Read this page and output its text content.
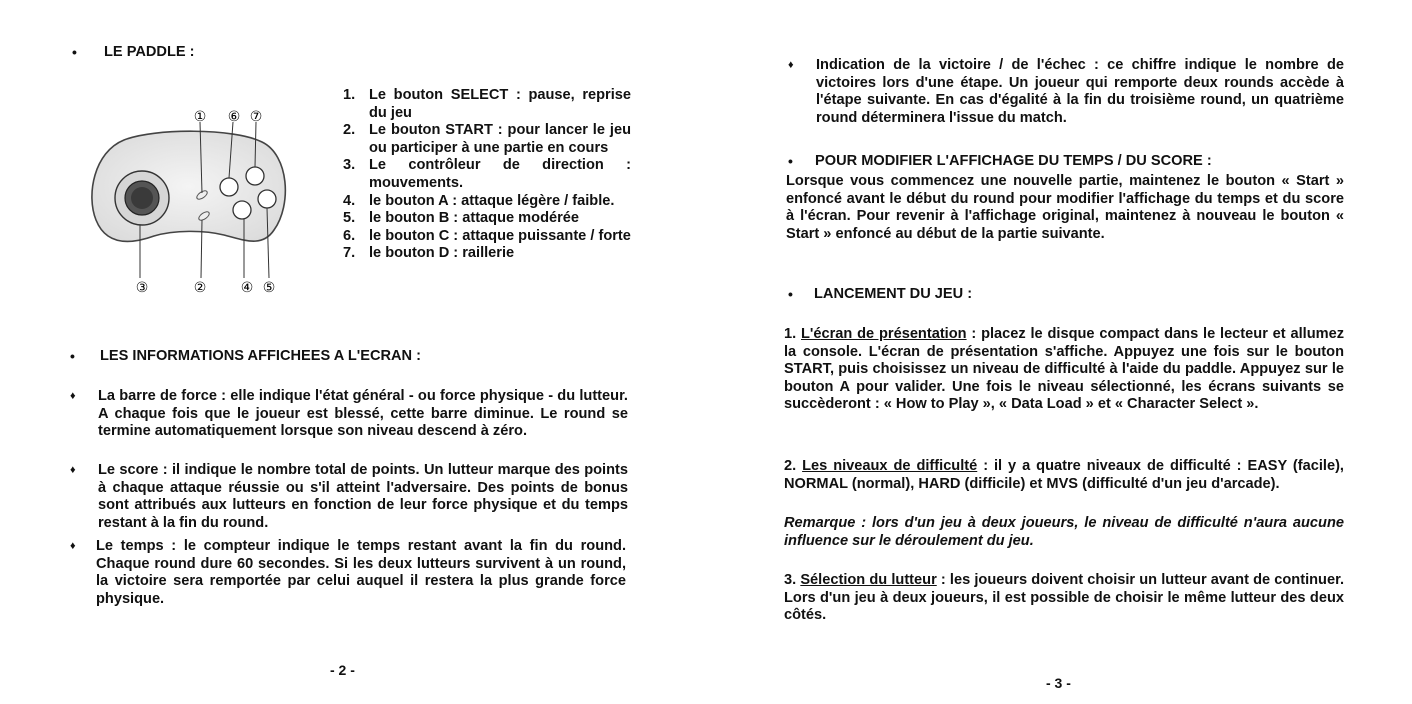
• LE PADDLE :
① ⑥ ⑦
③	② ④ ⑤
1. Le bouton SELECT : pause, reprise du jeu
2. Le bouton START : pour lancer le jeu ou participer à une partie en cours
3. Le contrôleur de direction : mouvements.
4. le bouton A : attaque légère / faible.
5. le bouton B : attaque modérée
6. le bouton C : attaque puissante / forte
7. le bouton D : raillerie
• LES INFORMATIONS AFFICHEES A L'ECRAN :
♦ La barre de force : elle indique l'état général - ou force physique - du lutteur. A chaque fois que le joueur est blessé, cette barre diminue. Le round se termine automatiquement lorsque son niveau descend à zéro.
♦ Le score : il indique le nombre total de points. Un lutteur marque des points à chaque attaque réussie ou s'il atteint l'adversaire. Des points de bonus sont attribués aux lutteurs en fonction de leur force physique et du temps restant à la fin du round.
♦ Le temps : le compteur indique le temps restant avant la fin du round. Chaque round dure 60 secondes. Si les deux lutteurs survivent à un round, la victoire sera remportée par celui auquel il restera la plus grande force physique.
- 2 -
♦ Indication de la victoire / de l'échec : ce chiffre indique le nombre de victoires lors d'une étape. Un joueur qui remporte deux rounds accède à l'étape suivante. En cas d'égalité à la fin du troisième round, un quatrième round déterminera l'issue du match.
• POUR MODIFIER L'AFFICHAGE DU TEMPS / DU SCORE :
Lorsque vous commencez une nouvelle partie, maintenez le bouton « Start » enfoncé avant le début du round pour modifier l'affichage du temps et du score à l'écran. Pour revenir à l'affichage original, maintenez à nouveau le bouton « Start » enfoncé au début de la partie suivante.
• LANCEMENT DU JEU :
1. L'écran de présentation : placez le disque compact dans le lecteur et allumez la console. L'écran de présentation s'affiche. Appuyez une fois sur le bouton START, puis choisissez un niveau de difficulté à l'aide du paddle. Appuyez sur le bouton A pour valider. Une fois le niveau sélectionné, les écrans suivants se succèderont : « How to Play », « Data Load » et « Character Select ».
2. Les niveaux de difficulté : il y a quatre niveaux de difficulté : EASY (facile), NORMAL (normal), HARD (difficile) et MVS (difficulté d'un jeu d'arcade).
Remarque : lors d'un jeu à deux joueurs, le niveau de difficulté n'aura aucune influence sur le déroulement du jeu.
3. Sélection du lutteur : les joueurs doivent choisir un lutteur avant de continuer. Lors d'un jeu à deux joueurs, il est possible de choisir le même lutteur des deux côtés.
- 3 -
